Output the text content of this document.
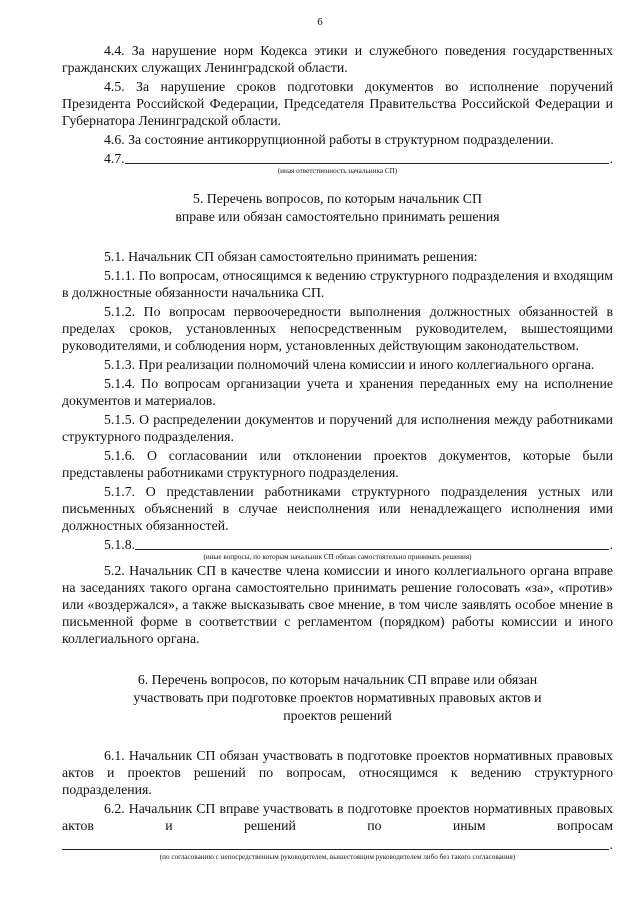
6

4.4. За нарушение норм Кодекса этики и служебного поведения государственных гражданских служащих Ленинградской области.

4.5. За нарушение сроков подготовки документов во исполнение поручений Президента Российской Федерации, Председателя Правительства Российской Федерации и Губернатора Ленинградской области.

4.6. За состояние антикоррупционной работы в структурном подразделении.

4.7.	.

(иная ответственность начальника СП)

5. Перечень вопросов, по которым начальник СП

вправе или обязан самостоятельно принимать решения

5.1. Начальник СП обязан самостоятельно принимать решения:

5.1.1. По вопросам, относящимся к ведению структурного подразделения и входящим в должностные обязанности начальника СП.

5.1.2. По вопросам первоочередности выполнения должностных обязанностей в пределах сроков, установленных непосредственным руководителем, вышестоящими руководителями, и соблюдения норм, установленных действующим законодательством.

5.1.3. При реализации полномочий члена комиссии и иного коллегиального органа.

5.1.4. По вопросам организации учета и хранения переданных ему на исполнение документов и материалов.

5.1.5. О распределении документов и поручений для исполнения между работниками структурного подразделения.

5.1.6. О согласовании или отклонении проектов документов, которые были представлены работниками структурного подразделения.

5.1.7. О представлении работниками структурного подразделения устных или письменных объяснений в случае неисполнения или ненадлежащего исполнения ими должностных обязанностей.

5.1.8.	.

(иные вопросы, по которым начальник СП обязан самостоятельно принимать решения)

5.2. Начальник СП в качестве члена комиссии и иного коллегиального органа вправе на заседаниях такого органа самостоятельно принимать решение голосовать «за», «против» или «воздержался», а также высказывать свое мнение, в том числе заявлять особое мнение в письменной форме в соответствии с регламентом (порядком) работы комиссии и иного коллегиального органа.

6. Перечень вопросов, по которым начальник СП вправе или обязан

участвовать при подготовке проектов нормативных правовых актов и

проектов решений

6.1. Начальник СП обязан участвовать в подготовке проектов нормативных правовых актов и проектов решений по вопросам, относящимся к ведению структурного подразделения.

6.2. Начальник СП вправе участвовать в подготовке проектов нормативных правовых актов и решений по иным вопросам

.

(по согласованию с непосредственным руководителем, вышестоящим руководителем либо без такого согласования)
